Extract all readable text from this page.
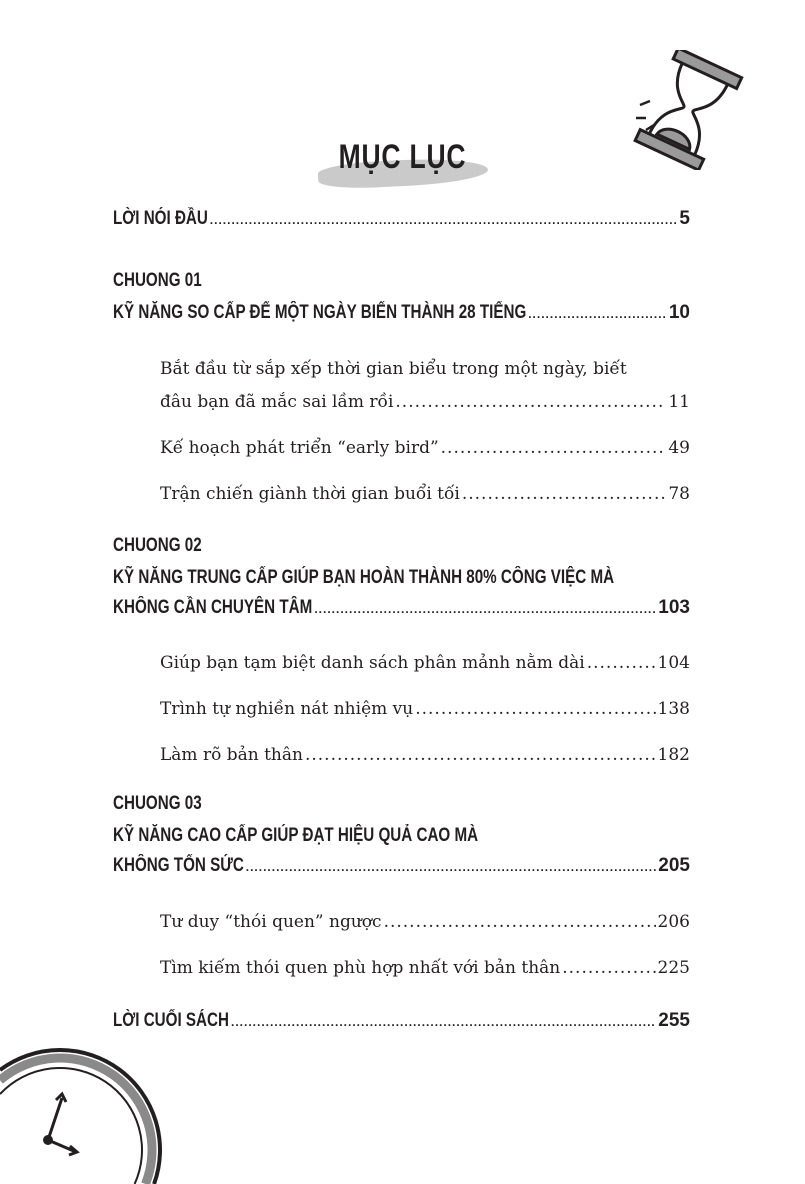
MỤC LỤC
LỜI NÓI ĐẦU .....	5
CHUONG 01
KỸ NĂNG SO CẤP ĐỂ MỘT NGÀY BIẾN THÀNH 28 TIẾNG .....	10
Bắt đầu từ sắp xếp thời gian biểu trong một ngày, biết
đâu bạn đã mắc sai lầm rồi .....	11
Kế hoạch phát triển “early bird” .....	49
Trận chiến giành thời gian buổi tối .....	78
CHUONG 02
KỸ NĂNG TRUNG CẤP GIÚP BẠN HOÀN THÀNH 80% CÔNG VIỆC MÀ
KHÔNG CẦN CHUYÊN TÂM .....	103
Giúp bạn tạm biệt danh sách phân mảnh nằm dài .....	104
Trình tự nghiền nát nhiệm vụ .....	138
Làm rõ bản thân .....	182
CHUONG 03
KỸ NĂNG CAO CẤP GIÚP ĐẠT HIỆU QUẢ CAO MÀ
KHÔNG TỐN SỨC .....	205
Tư duy “thói quen” ngược .....	206
Tìm kiếm thói quen phù hợp nhất với bản thân .....	225
LỜI CUỐI SÁCH .....	255
